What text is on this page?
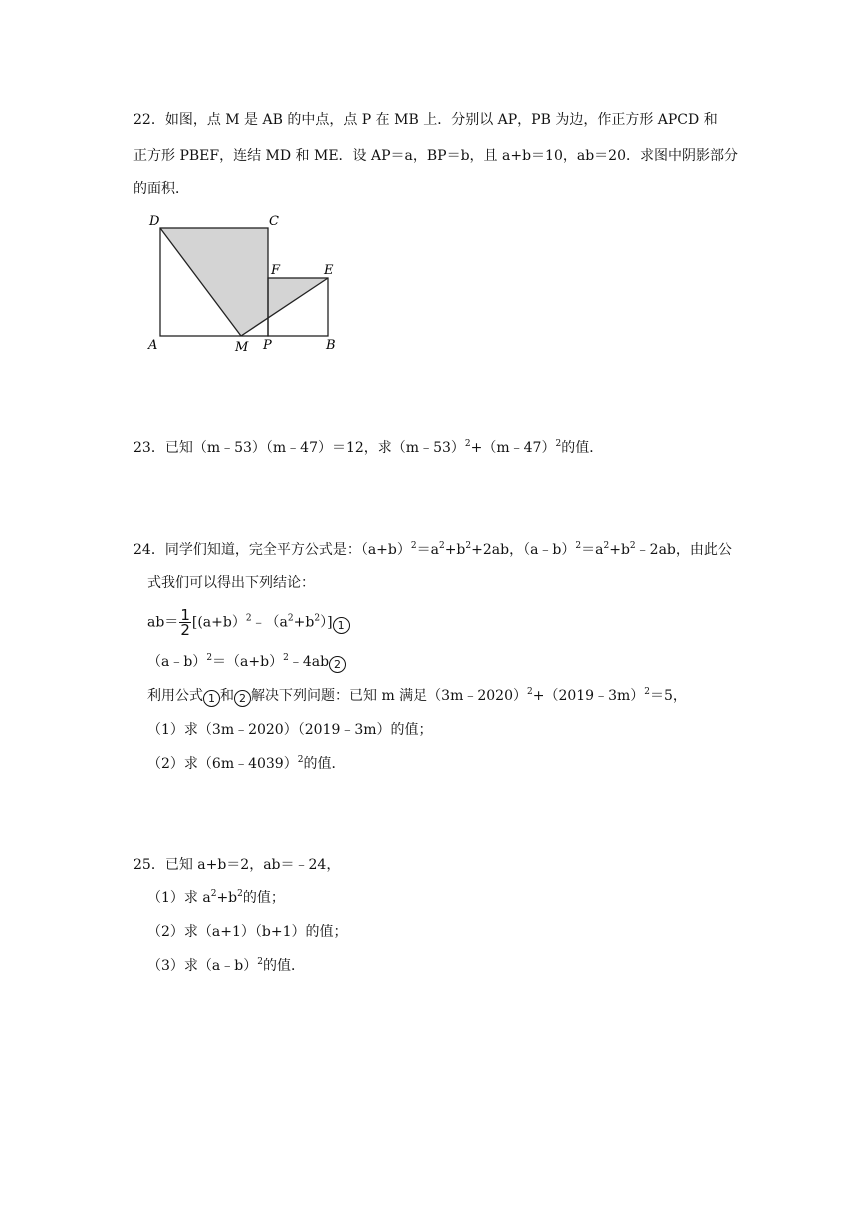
22．如图，点 M 是 AB 的中点，点 P 在 MB 上．分别以 AP，PB 为边，作正方形 APCD 和
正方形 PBEF，连结 MD 和 ME．设 AP＝a，BP＝b，且 a+b＝10，ab＝20．求图中阴影部分
的面积．
D	C
F	E
A	M P	B
23．已知（m﹣53）（m﹣47）＝12，求（m﹣53）$^2$+（m﹣47）$^2$的值．
24．同学们知道，完全平方公式是：$(a+b)^2=a^2+b^2+2ab$，$(a﹣b)^2=a^2+b^2﹣2ab$，由此公
式我们可以得出下列结论：
$ab= \frac{1}{2}$ $[(a+b)^2﹣(a^2+b^2)]$ 1
$(a﹣b)^2=(a+b)^2﹣4ab$ 2
利用公式 1 和 2 解决下列问题：已知 m 满足（3m﹣2020）$^2$+（2019﹣3m）$^2$＝5，
（1）求（3m﹣2020）（2019﹣3m）的值；
（2）求（6m﹣4039）$^2$的值．
25．已知 a+b＝2，ab＝﹣24，
（1）求 $a^2+b^2$的值；
（2）求（a+1）（b+1）的值；
（3）求（a﹣b）$^2$的值．
